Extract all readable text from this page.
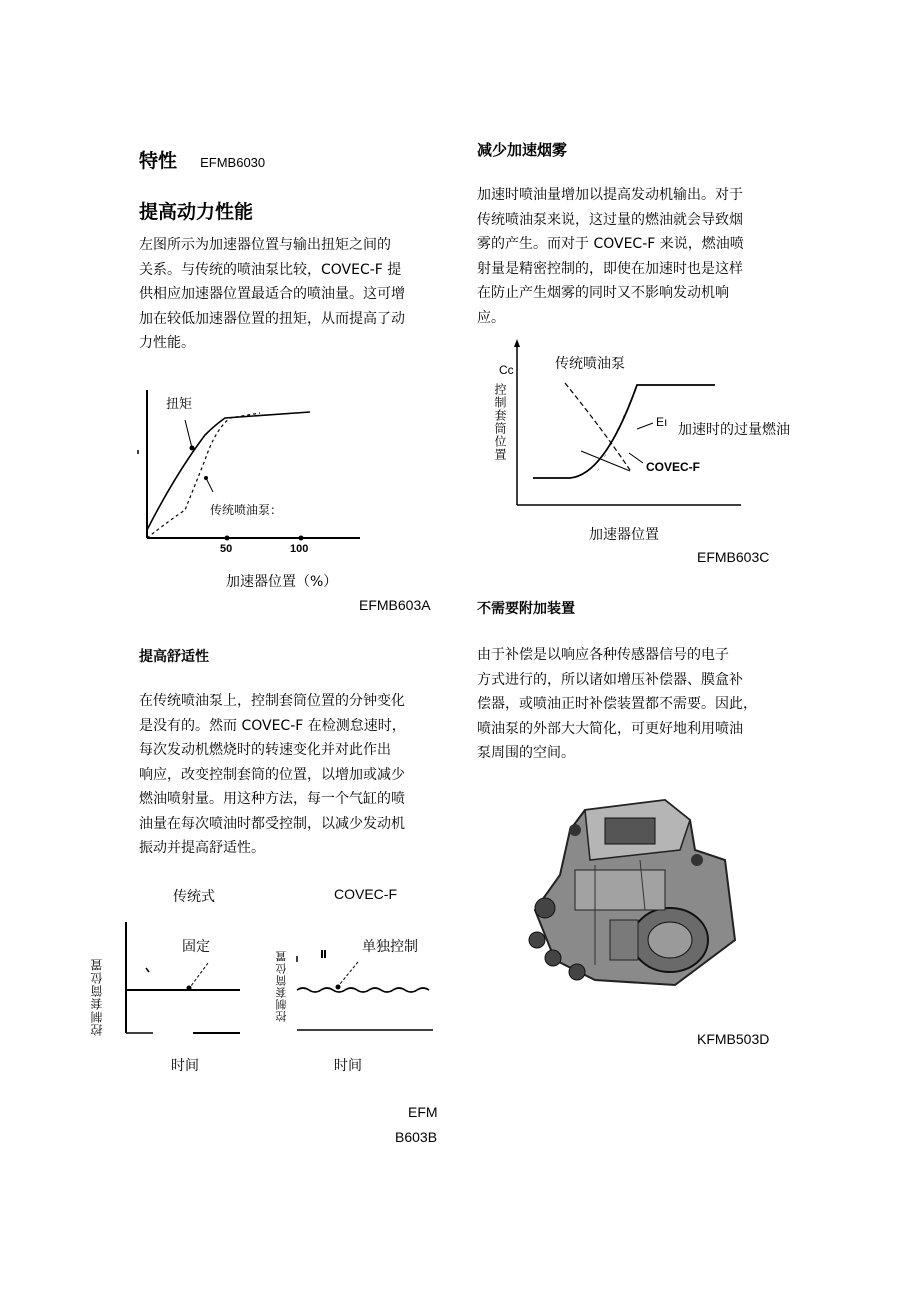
特性 EFMB6030
提高动力性能
左图所示为加速器位置与输出扭矩之间的
关系。与传统的喷油泵比较，COVEC-F 提
供相应加速器位置最适合的喷油量。这可增
加在较低加速器位置的扭矩，从而提高了动
力性能。
扭矩
传统喷油泵：
50	100
加速器位置（%）
EFMB603A
提高舒适性
在传统喷油泵上，控制套筒位置的分钟变化
是没有的。然而 COVEC-F 在检测怠速时，
每次发动机燃烧时的转速变化并对此作出
响应，改变控制套筒的位置，以增加或减少
燃油喷射量。用这种方法，每一个气缸的喷
油量在每次喷油时都受控制，以减少发动机
振动并提高舒适性。
传统式	COVEC-F
控制套筒位置	控制套筒位置
固定	单独控制
时间	时间
EFM
B603B
减少加速烟雾
加速时喷油量增加以提高发动机输出。对于
传统喷油泵来说，这过量的燃油就会导致烟
雾的产生。而对于 COVEC-F 来说，燃油喷
射量是精密控制的，即使在加速时也是这样
在防止产生烟雾的同时又不影响发动机响
应。
Cc
控制套筒位置
传统喷油泵
Eı 加速时的过量燃油
COVEC-F
加速器位置
EFMB603C
不需要附加装置
由于补偿是以响应各种传感器信号的电子
方式进行的，所以诸如增压补偿器、膜盒补
偿器，或喷油正时补偿装置都不需要。因此，
喷油泵的外部大大简化，可更好地利用喷油
泵周围的空间。
KFMB503D
